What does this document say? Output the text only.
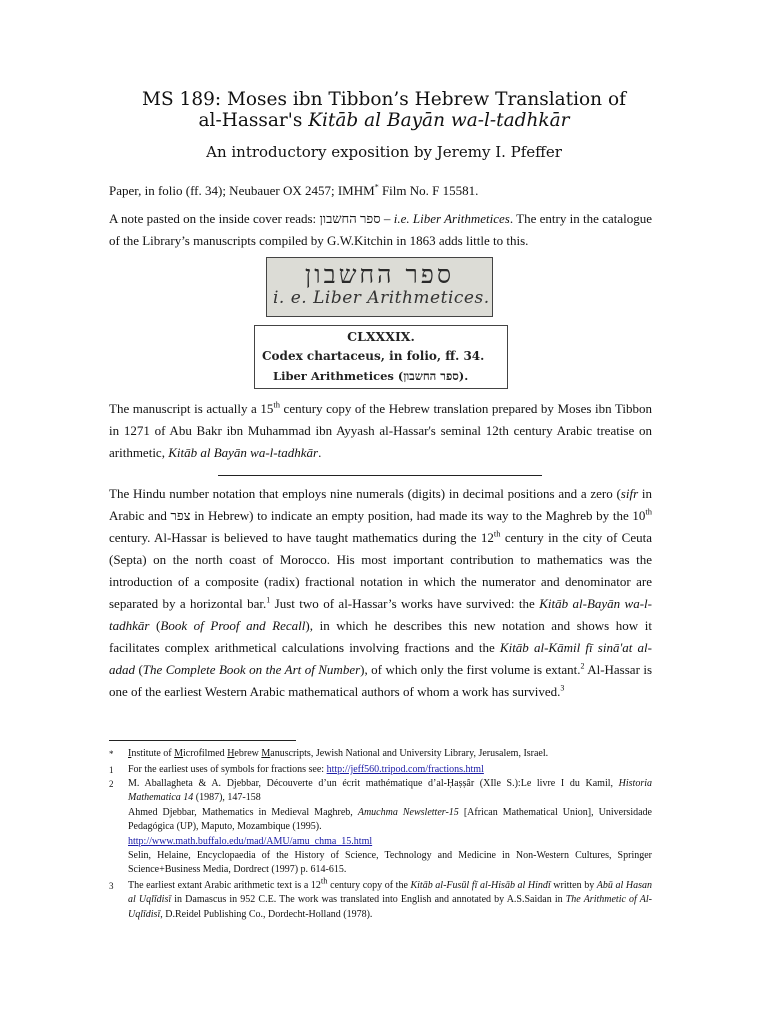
MS 189: Moses ibn Tibbon’s Hebrew Translation of
al-Hassar's Kitāb al Bayān wa-l-tadhkār
An introductory exposition by Jeremy I. Pfeffer
Paper, in folio (ff. 34); Neubauer OX 2457; IMHM* Film No. F 15581.
A note pasted on the inside cover reads: ספר החשבון – i.e. Liber Arithmetices. The entry in the catalogue of the Library’s manuscripts compiled by G.W.Kitchin in 1863 adds little to this.
ספר החשבון
i. e. Liber Arithmetices.
CLXXXIX.
Codex chartaceus, in folio, ff. 34.
Liber Arithmetices (ספר החשבון).
The manuscript is actually a 15th century copy of the Hebrew translation prepared by Moses ibn Tibbon in 1271 of Abu Bakr ibn Muhammad ibn Ayyash al-Hassar's seminal 12th century Arabic treatise on arithmetic, Kitāb al Bayān wa-l-tadhkār.
The Hindu number notation that employs nine numerals (digits) in decimal positions and a zero (sifr in Arabic and צפר in Hebrew) to indicate an empty position, had made its way to the Maghreb by the 10th century. Al-Hassar is believed to have taught mathematics during the 12th century in the city of Ceuta (Septa) on the north coast of Morocco. His most important contribution to mathematics was the introduction of a composite (radix) fractional notation in which the numerator and denominator are separated by a horizontal bar.$^1$ Just two of al-Hassar’s works have survived: the Kitāb al-Bayān wa-l-tadhkār (Book of Proof and Recall), in which he describes this new notation and shows how it facilitates complex arithmetical calculations involving fractions and the Kitāb al-Kāmil fī sināʹat al-adad (The Complete Book on the Art of Number), of which only the first volume is extant.$^2$ Al-Hassar is one of the earliest Western Arabic mathematical authors of whom a work has survived.$^3$
* Institute of Microfilmed Hebrew Manuscripts, Jewish National and University Library, Jerusalem, Israel.
1 For the earliest uses of symbols for fractions see: http://jeff560.tripod.com/fractions.html
2 M. Aballagheta & A. Djebbar, Découverte d’un écrit mathématique d’al-Ḥaṣṣâr (XIle S.):Le livre I du Kamil, Historia Mathematica 14 (1987), 147-158
Ahmed Djebbar, Mathematics in Medieval Maghreb, Amuchma Newsletter-15 [African Mathematical Union], Universidade Pedagógica (UP), Maputo, Mozambique (1995).
http://www.math.buffalo.edu/mad/AMU/amu_chma_15.html
Selin, Helaine, Encyclopaedia of the History of Science, Technology and Medicine in Non-Western Cultures, Springer Science+Business Media, Dordrect (1997) p. 614-615.
3 The earliest extant Arabic arithmetic text is a 12th century copy of the Kitāb al-Fusūl fī al-Hisāb al Hindī written by Abū al Hasan al Uqlīdisī in Damascus in 952 C.E. The work was translated into English and annotated by A.S.Saidan in The Arithmetic of Al-Uqlīdisī, D.Reidel Publishing Co., Dordecht-Holland (1978).
